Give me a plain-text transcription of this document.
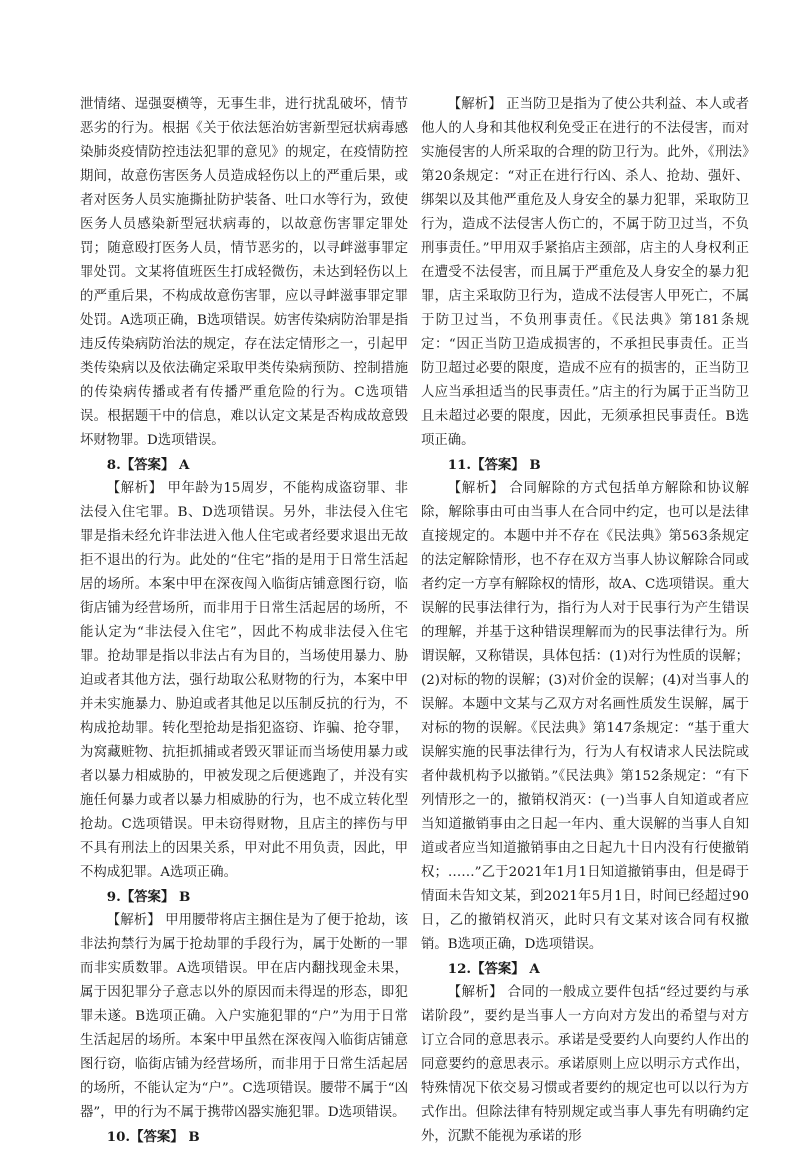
泄情绪、逞强耍横等，无事生非，进行扰乱破坏，情节恶劣的行为。根据《关于依法惩治妨害新型冠状病毒感染肺炎疫情防控违法犯罪的意见》的规定，在疫情防控期间，故意伤害医务人员造成轻伤以上的严重后果，或者对医务人员实施撕扯防护装备、吐口水等行为，致使医务人员感染新型冠状病毒的，以故意伤害罪定罪处罚；随意殴打医务人员，情节恶劣的，以寻衅滋事罪定罪处罚。文某将值班医生打成轻微伤，未达到轻伤以上的严重后果，不构成故意伤害罪，应以寻衅滋事罪定罪处罚。A选项正确，B选项错误。妨害传染病防治罪是指违反传染病防治法的规定，存在法定情形之一，引起甲类传染病以及依法确定采取甲类传染病预防、控制措施的传染病传播或者有传播严重危险的行为。C选项错误。根据题干中的信息，难以认定文某是否构成故意毁坏财物罪。D选项错误。

8.【答案】 A

【解析】 甲年龄为15周岁，不能构成盗窃罪、非法侵入住宅罪。B、D选项错误。另外，非法侵入住宅罪是指未经允许非法进入他人住宅或者经要求退出无故拒不退出的行为。此处的“住宅”指的是用于日常生活起居的场所。本案中甲在深夜闯入临街店铺意图行窃，临街店铺为经营场所，而非用于日常生活起居的场所，不能认定为“非法侵入住宅”，因此不构成非法侵入住宅罪。抢劫罪是指以非法占有为目的，当场使用暴力、胁迫或者其他方法，强行劫取公私财物的行为，本案中甲并未实施暴力、胁迫或者其他足以压制反抗的行为，不构成抢劫罪。转化型抢劫是指犯盗窃、诈骗、抢夺罪，为窝藏赃物、抗拒抓捕或者毁灭罪证而当场使用暴力或者以暴力相威胁的，甲被发现之后便逃跑了，并没有实施任何暴力或者以暴力相威胁的行为，也不成立转化型抢劫。C选项错误。甲未窃得财物，且店主的摔伤与甲不具有刑法上的因果关系，甲对此不用负责，因此，甲不构成犯罪。A选项正确。

9.【答案】 B

【解析】 甲用腰带将店主捆住是为了便于抢劫，该非法拘禁行为属于抢劫罪的手段行为，属于处断的一罪而非实质数罪。A选项错误。甲在店内翻找现金未果，属于因犯罪分子意志以外的原因而未得逞的形态，即犯罪未遂。B选项正确。入户实施犯罪的“户”为用于日常生活起居的场所。本案中甲虽然在深夜闯入临街店铺意图行窃，临街店铺为经营场所，而非用于日常生活起居的场所，不能认定为“户”。C选项错误。腰带不属于“凶器”，甲的行为不属于携带凶器实施犯罪。D选项错误。

10.【答案】 B

【解析】 正当防卫是指为了使公共利益、本人或者他人的人身和其他权利免受正在进行的不法侵害，而对实施侵害的人所采取的合理的防卫行为。此外，《刑法》第20条规定：“对正在进行行凶、杀人、抢劫、强奸、绑架以及其他严重危及人身安全的暴力犯罪，采取防卫行为，造成不法侵害人伤亡的，不属于防卫过当，不负刑事责任。”甲用双手紧掐店主颈部，店主的人身权利正在遭受不法侵害，而且属于严重危及人身安全的暴力犯罪，店主采取防卫行为，造成不法侵害人甲死亡，不属于防卫过当，不负刑事责任。《民法典》第181条规定：“因正当防卫造成损害的，不承担民事责任。正当防卫超过必要的限度，造成不应有的损害的，正当防卫人应当承担适当的民事责任。”店主的行为属于正当防卫且未超过必要的限度，因此，无须承担民事责任。B选项正确。

11.【答案】 B

【解析】 合同解除的方式包括单方解除和协议解除，解除事由可由当事人在合同中约定，也可以是法律直接规定的。本题中并不存在《民法典》第563条规定的法定解除情形，也不存在双方当事人协议解除合同或者约定一方享有解除权的情形，故A、C选项错误。重大误解的民事法律行为，指行为人对于民事行为产生错误的理解，并基于这种错误理解而为的民事法律行为。所谓误解，又称错误，具体包括：(1)对行为性质的误解；(2)对标的物的误解；(3)对价金的误解；(4)对当事人的误解。本题中文某与乙双方对名画性质发生误解，属于对标的物的误解。《民法典》第147条规定：“基于重大误解实施的民事法律行为，行为人有权请求人民法院或者仲裁机构予以撤销。”《民法典》第152条规定：“有下列情形之一的，撤销权消灭：(一)当事人自知道或者应当知道撤销事由之日起一年内、重大误解的当事人自知道或者应当知道撤销事由之日起九十日内没有行使撤销权；……”乙于2021年1月1日知道撤销事由，但是碍于情面未告知文某，到2021年5月1日，时间已经超过90日，乙的撤销权消灭，此时只有文某对该合同有权撤销。B选项正确，D选项错误。

12.【答案】 A

【解析】 合同的一般成立要件包括“经过要约与承诺阶段”，要约是当事人一方向对方发出的希望与对方订立合同的意思表示。承诺是受要约人向要约人作出的同意要约的意思表示。承诺原则上应以明示方式作出，特殊情况下依交易习惯或者要约的规定也可以以行为方式作出。但除法律有特别规定或当事人事先有明确约定外，沉默不能视为承诺的形
